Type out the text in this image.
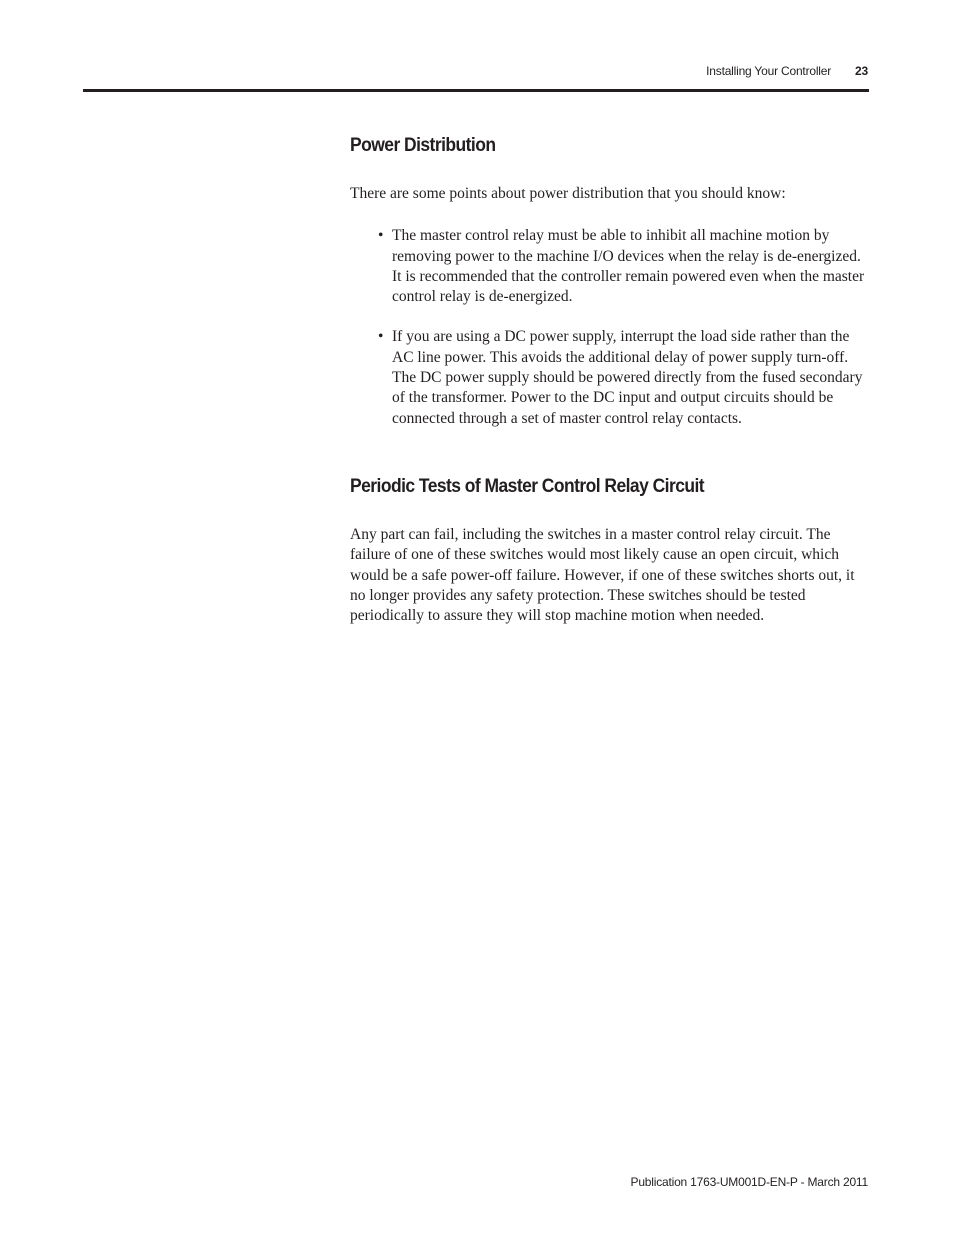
Installing Your Controller 23
Power Distribution

There are some points about power distribution that you should know:

• The master control relay must be able to inhibit all machine motion by removing power to the machine I/O devices when the relay is de-energized. It is recommended that the controller remain powered even when the master control relay is de-energized.
• If you are using a DC power supply, interrupt the load side rather than the AC line power. This avoids the additional delay of power supply turn-off. The DC power supply should be powered directly from the fused secondary of the transformer. Power to the DC input and output circuits should be connected through a set of master control relay contacts.
Periodic Tests of Master Control Relay Circuit

Any part can fail, including the switches in a master control relay circuit. The failure of one of these switches would most likely cause an open circuit, which would be a safe power-off failure. However, if one of these switches shorts out, it no longer provides any safety protection. These switches should be tested periodically to assure they will stop machine motion when needed.

Publication 1763-UM001D-EN-P - March 2011
